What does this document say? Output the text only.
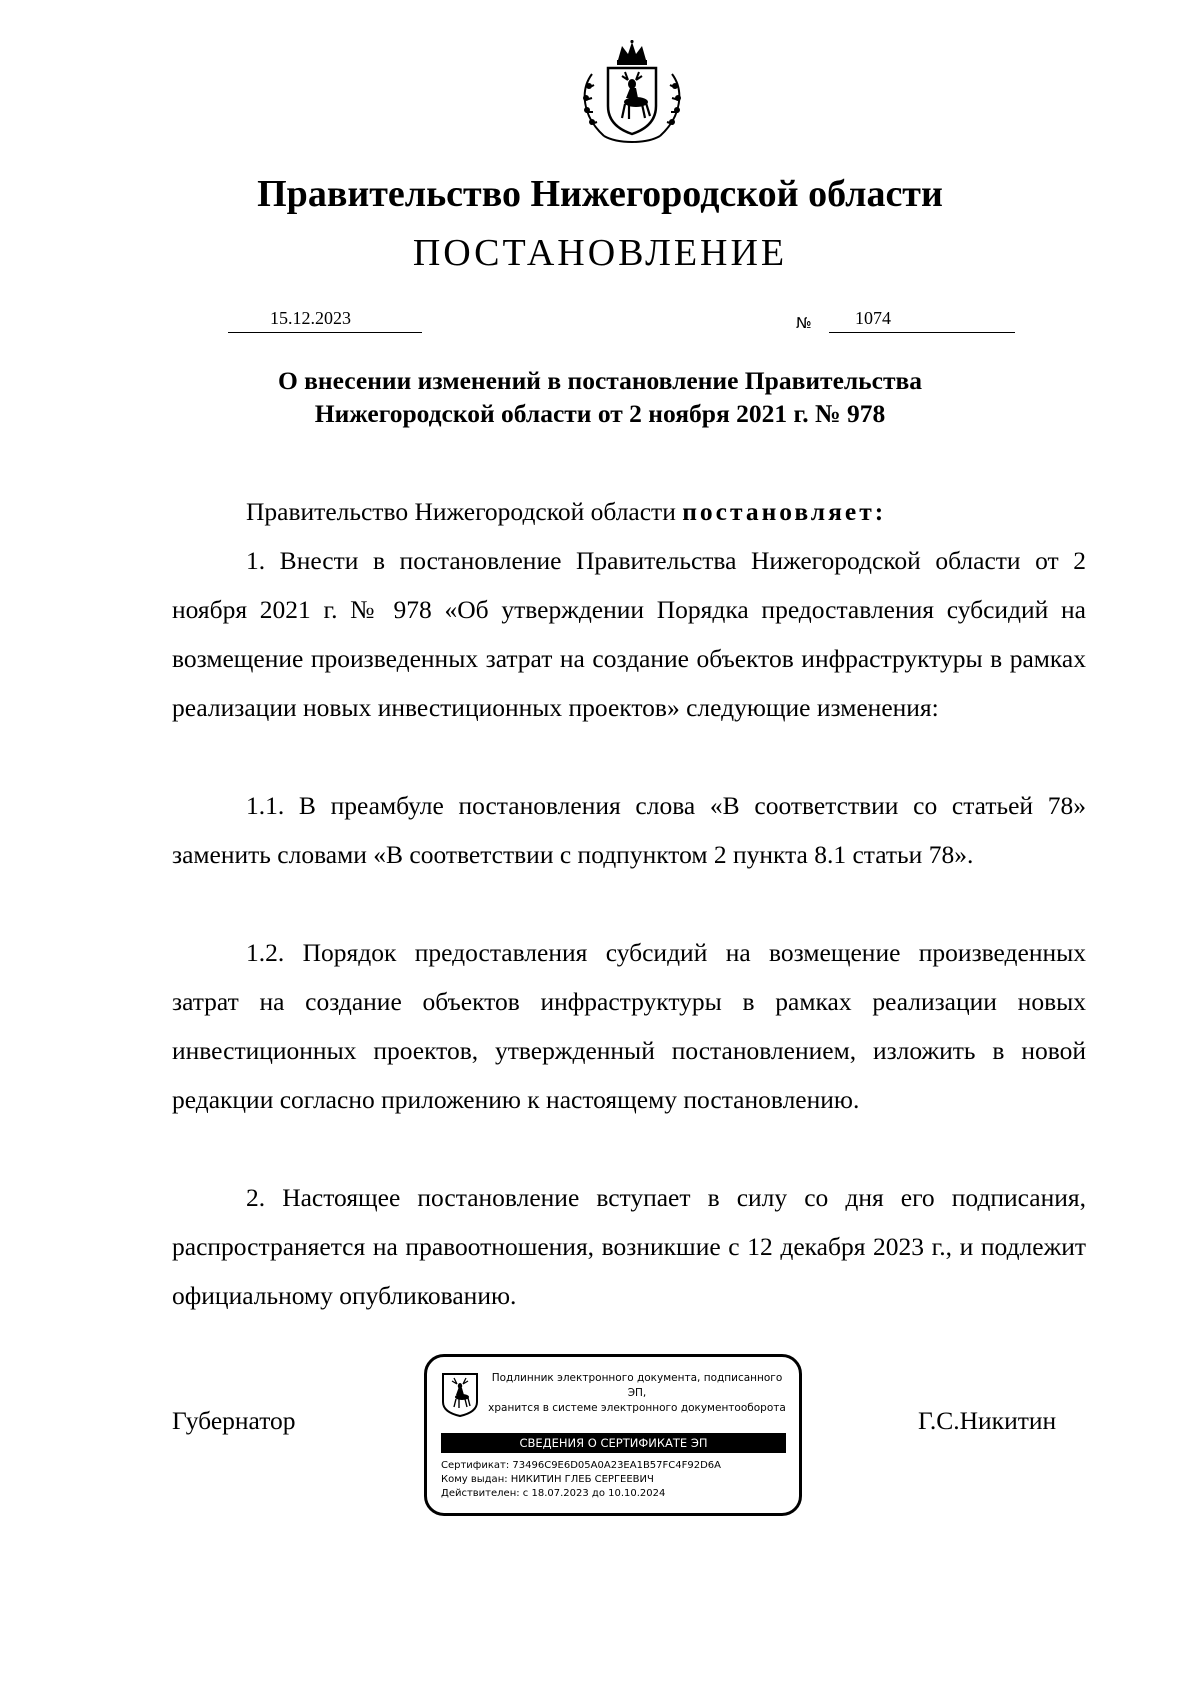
Правительство Нижегородской области
ПОСТАНОВЛЕНИЕ
15.12.2023	№	1074
О внесении изменений в постановление Правительства
Нижегородской области от 2 ноября 2021 г. № 978

Правительство Нижегородской области постановляет:

1. Внести в постановление Правительства Нижегородской области от 2 ноября 2021 г. № 978 «Об утверждении Порядка предоставления субсидий на возмещение произведенных затрат на создание объектов инфраструктуры в рамках реализации новых инвестиционных проектов» следующие изменения:

1.1. В преамбуле постановления слова «В соответствии со статьей 78» заменить словами «В соответствии с подпунктом 2 пункта 8.1 статьи 78».

1.2. Порядок предоставления субсидий на возмещение произведенных затрат на создание объектов инфраструктуры в рамках реализации новых инвестиционных проектов, утвержденный постановлением, изложить в новой редакции согласно приложению к настоящему постановлению.

2. Настоящее постановление вступает в силу со дня его подписания, распространяется на правоотношения, возникшие с 12 декабря 2023 г., и подлежит официальному опубликованию.

Губернатор	Г.С.Никитин
Подлинник электронного документа, подписанного ЭП,
хранится в системе электронного документооборота
СВЕДЕНИЯ О СЕРТИФИКАТЕ ЭП
Сертификат: 73496C9E6D05A0A23EA1B57FC4F92D6A
Кому выдан: НИКИТИН ГЛЕБ СЕРГЕЕВИЧ
Действителен: с 18.07.2023 до 10.10.2024
